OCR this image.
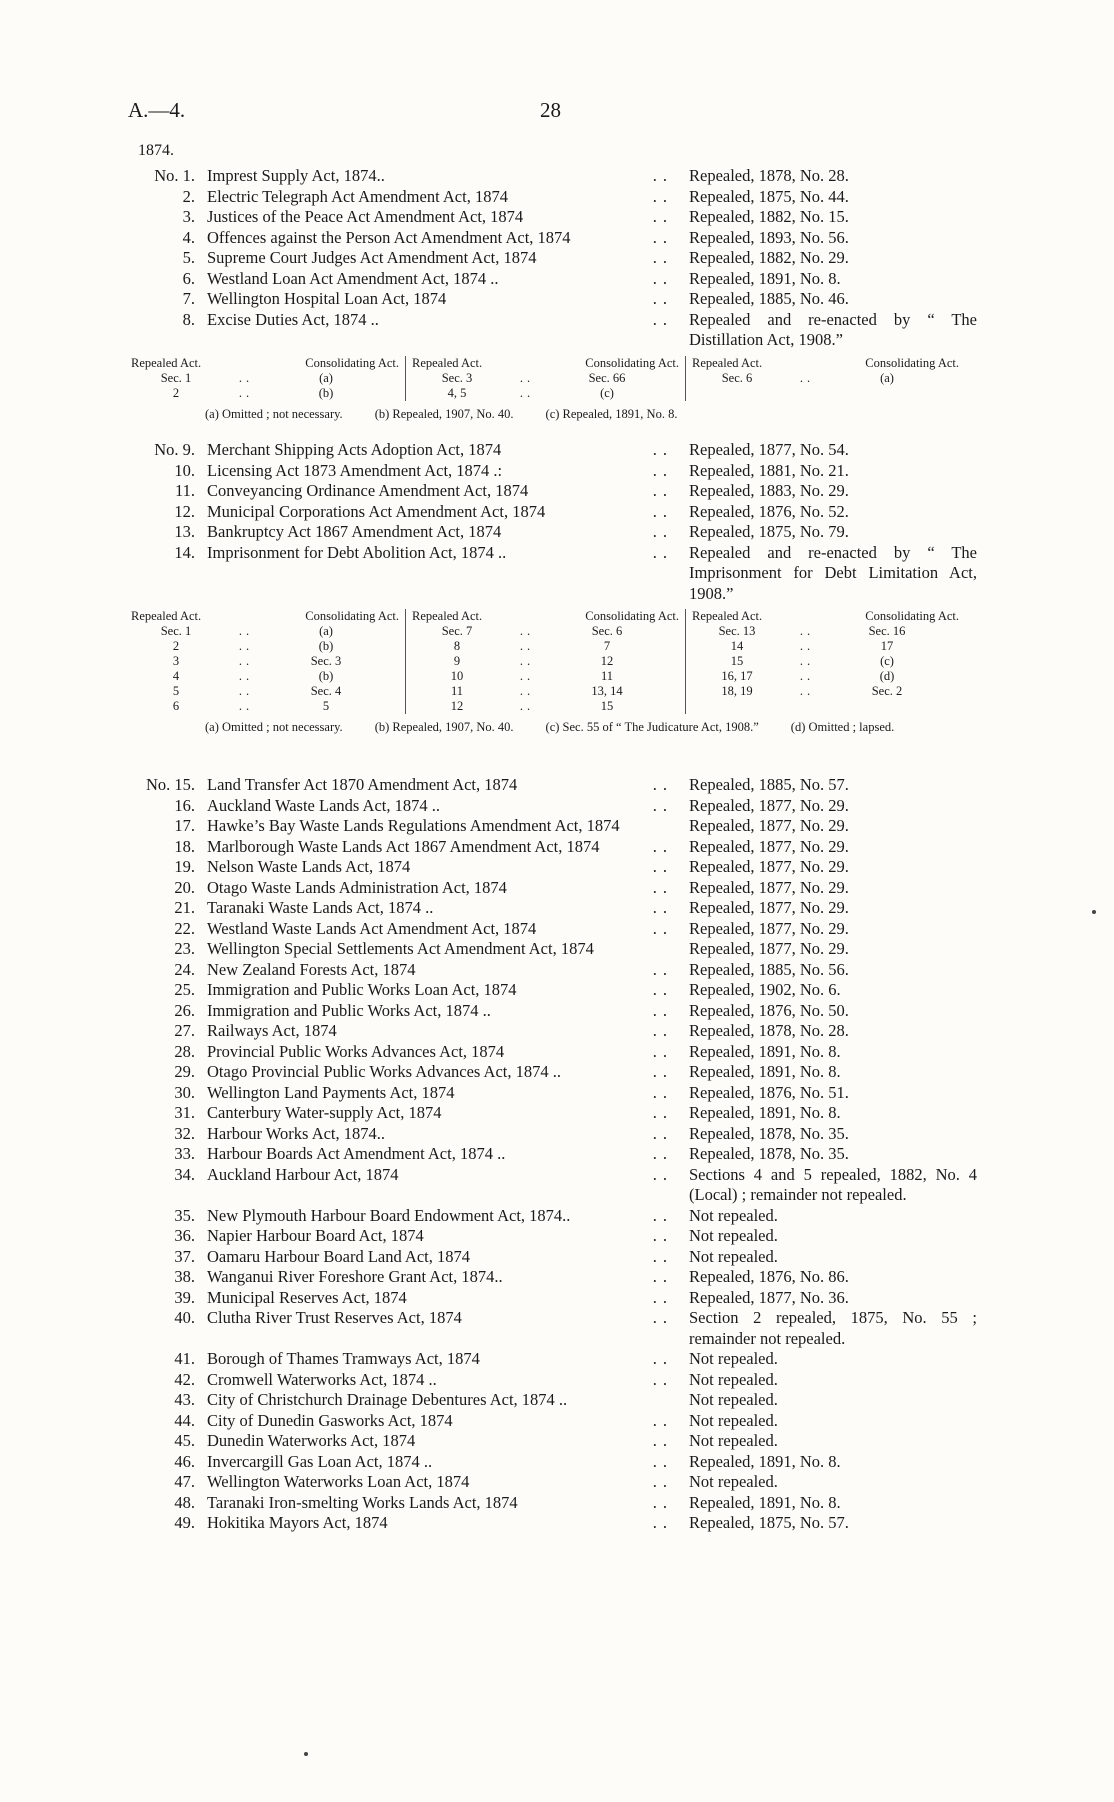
A.—4.	28
1874.
No. 1. Imprest Supply Act, 1874..	.. Repealed, 1878, No. 28.
2. Electric Telegraph Act Amendment Act, 1874	.. Repealed, 1875, No. 44.
3. Justices of the Peace Act Amendment Act, 1874	.. Repealed, 1882, No. 15.
4. Offences against the Person Act Amendment Act, 1874	.. Repealed, 1893, No. 56.
5. Supreme Court Judges Act Amendment Act, 1874	.. Repealed, 1882, No. 29.
6. Westland Loan Act Amendment Act, 1874 ..	.. Repealed, 1891, No. 8.
7. Wellington Hospital Loan Act, 1874	.. Repealed, 1885, No. 46.
8. Excise Duties Act, 1874 ..	.. Repealed and re-enacted by “ The Distillation Act, 1908.”
Repealed Act.	Consolidating Act.
Sec. 1	..	(a)
2	..	(b)
Repealed Act.	Consolidating Act.
Sec. 3	..	Sec. 66
4, 5	..	(c)
Repealed Act.	Consolidating Act.
Sec. 6	..	(a)
(a) Omitted ; not necessary.	(b) Repealed, 1907, No. 40.	(c) Repealed, 1891, No. 8.
No. 9. Merchant Shipping Acts Adoption Act, 1874	.. Repealed, 1877, No. 54.
10. Licensing Act 1873 Amendment Act, 1874 .:	.. Repealed, 1881, No. 21.
11. Conveyancing Ordinance Amendment Act, 1874	.. Repealed, 1883, No. 29.
12. Municipal Corporations Act Amendment Act, 1874	.. Repealed, 1876, No. 52.
13. Bankruptcy Act 1867 Amendment Act, 1874	.. Repealed, 1875, No. 79.
14. Imprisonment for Debt Abolition Act, 1874 ..	.. Repealed and re-enacted by “ The Imprisonment for Debt Limitation Act, 1908.”
Repealed Act.	Consolidating Act.
Sec. 1	..	(a)
2	..	(b)
3	..	Sec. 3
4	..	(b)
5	..	Sec. 4
6	..	5
Repealed Act.	Consolidating Act.
Sec. 7	..	Sec. 6
8	..	7
9	..	12
10	..	11
11	..	13, 14
12	..	15
Repealed Act.	Consolidating Act.
Sec. 13	..	Sec. 16
14	..	17
15	..	(c)
16, 17	..	(d)
18, 19	..	Sec. 2
(a) Omitted ; not necessary.	(b) Repealed, 1907, No. 40.	(c) Sec. 55 of “ The Judicature Act, 1908.”	(d) Omitted ; lapsed.
No. 15. Land Transfer Act 1870 Amendment Act, 1874	.. Repealed, 1885, No. 57.
16. Auckland Waste Lands Act, 1874 ..	.. Repealed, 1877, No. 29.
17. Hawke’s Bay Waste Lands Regulations Amendment Act, 1874	Repealed, 1877, No. 29.
18. Marlborough Waste Lands Act 1867 Amendment Act, 1874	.. Repealed, 1877, No. 29.
19. Nelson Waste Lands Act, 1874	.. Repealed, 1877, No. 29.
20. Otago Waste Lands Administration Act, 1874	.. Repealed, 1877, No. 29.
21. Taranaki Waste Lands Act, 1874 ..	.. Repealed, 1877, No. 29.
22. Westland Waste Lands Act Amendment Act, 1874	.. Repealed, 1877, No. 29.
23. Wellington Special Settlements Act Amendment Act, 1874	Repealed, 1877, No. 29.
24. New Zealand Forests Act, 1874	.. Repealed, 1885, No. 56.
25. Immigration and Public Works Loan Act, 1874	.. Repealed, 1902, No. 6.
26. Immigration and Public Works Act, 1874 ..	.. Repealed, 1876, No. 50.
27. Railways Act, 1874	.. Repealed, 1878, No. 28.
28. Provincial Public Works Advances Act, 1874	.. Repealed, 1891, No. 8.
29. Otago Provincial Public Works Advances Act, 1874 ..	.. Repealed, 1891, No. 8.
30. Wellington Land Payments Act, 1874	.. Repealed, 1876, No. 51.
31. Canterbury Water-supply Act, 1874	.. Repealed, 1891, No. 8.
32. Harbour Works Act, 1874..	.. Repealed, 1878, No. 35.
33. Harbour Boards Act Amendment Act, 1874 ..	.. Repealed, 1878, No. 35.
34. Auckland Harbour Act, 1874	.. Sections 4 and 5 repealed, 1882, No. 4 (Local) ; remainder not repealed.
35. New Plymouth Harbour Board Endowment Act, 1874..	.. Not repealed.
36. Napier Harbour Board Act, 1874	.. Not repealed.
37. Oamaru Harbour Board Land Act, 1874	.. Not repealed.
38. Wanganui River Foreshore Grant Act, 1874..	.. Repealed, 1876, No. 86.
39. Municipal Reserves Act, 1874	.. Repealed, 1877, No. 36.
40. Clutha River Trust Reserves Act, 1874	.. Section 2 repealed, 1875, No. 55 ; remainder not repealed.
41. Borough of Thames Tramways Act, 1874	.. Not repealed.
42. Cromwell Waterworks Act, 1874 ..	.. Not repealed.
43. City of Christchurch Drainage Debentures Act, 1874 ..	Not repealed.
44. City of Dunedin Gasworks Act, 1874	.. Not repealed.
45. Dunedin Waterworks Act, 1874	.. Not repealed.
46. Invercargill Gas Loan Act, 1874 ..	.. Repealed, 1891, No. 8.
47. Wellington Waterworks Loan Act, 1874	.. Not repealed.
48. Taranaki Iron-smelting Works Lands Act, 1874	.. Repealed, 1891, No. 8.
49. Hokitika Mayors Act, 1874	.. Repealed, 1875, No. 57.
